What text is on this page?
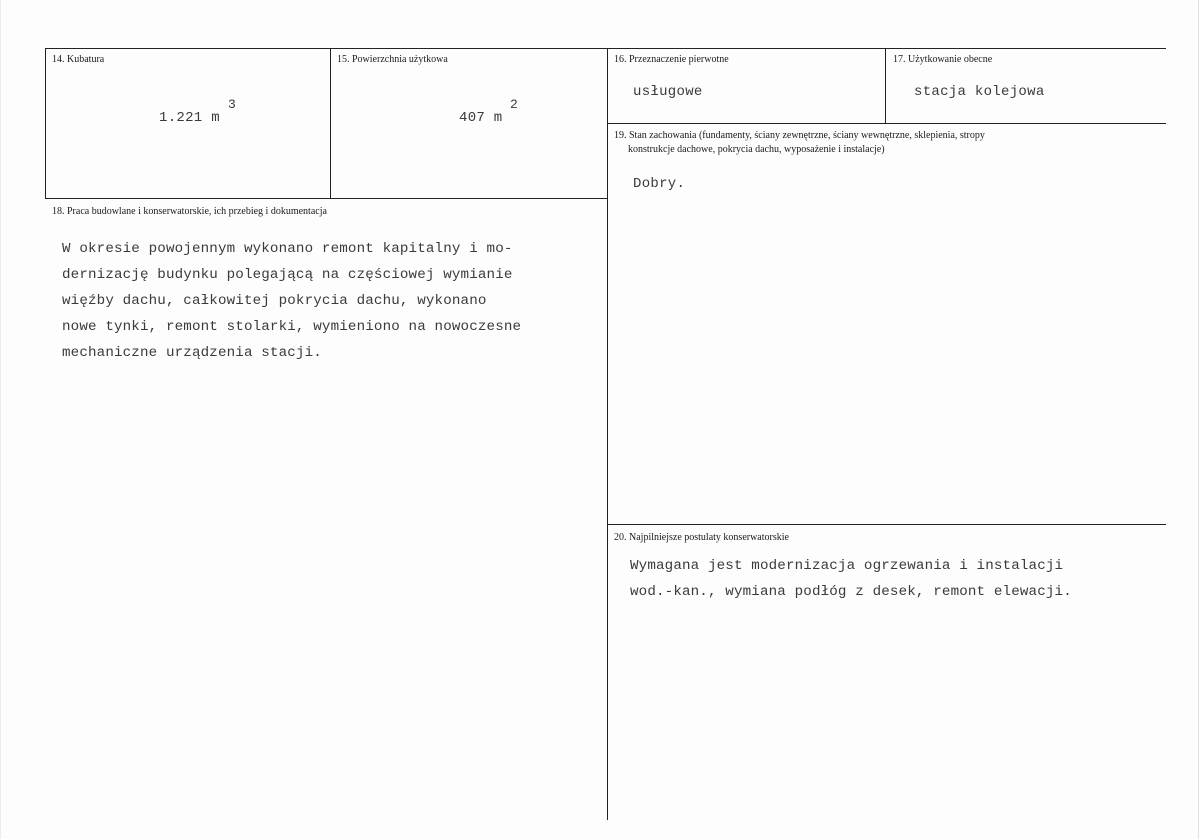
14. Kubatura
1.221 m
3
15. Powierzchnia użytkowa
407 m
2
16. Przeznaczenie pierwotne
usługowe
17. Użytkowanie obecne
stacja kolejowa
19. Stan zachowania (fundamenty, ściany zewnętrzne, ściany wewnętrzne, sklepienia, stropy
konstrukcje dachowe, pokrycia dachu, wyposażenie i instalacje)
Dobry.
18. Praca budowlane i konserwatorskie, ich przebieg i dokumentacja
W okresie powojennym wykonano remont kapitalny i mo-
dernizację budynku polegającą na częściowej wymianie
więźby dachu, całkowitej pokrycia dachu, wykonano
nowe tynki, remont stolarki, wymieniono na nowoczesne
mechaniczne urządzenia stacji.
20. Najpilniejsze postulaty konserwatorskie
Wymagana jest modernizacja ogrzewania i instalacji
wod.-kan., wymiana podłóg z desek, remont elewacji.
